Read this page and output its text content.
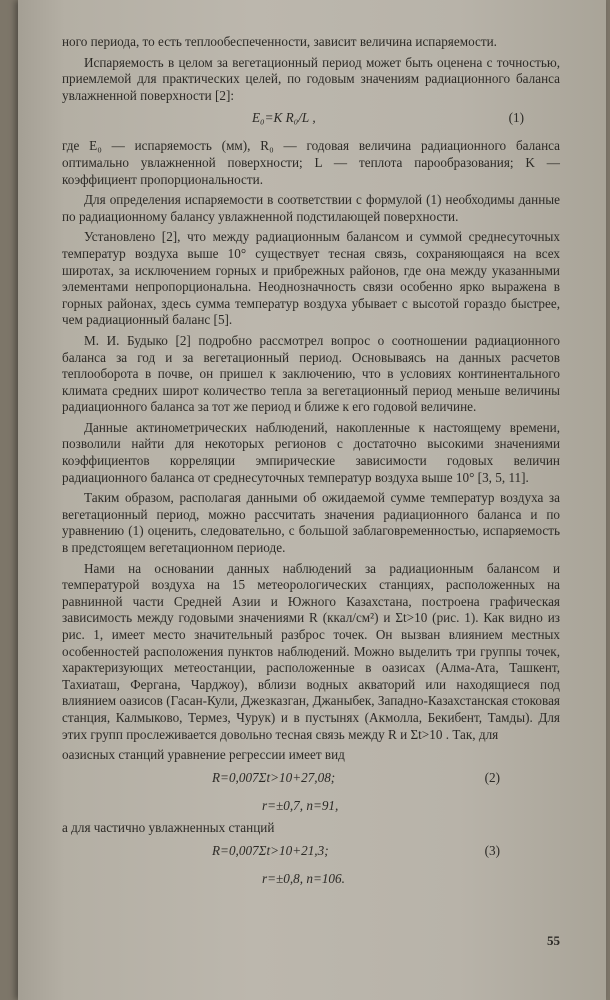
ного периода, то есть теплообеспеченности, зависит величина испаряемости.

Испаряемость в целом за вегетационный период может быть оценена с точностью, приемлемой для практических целей, по годовым значениям радиационного баланса увлажненной поверхности [2]:

E₀=K R₀/L ,	(1)

где E₀ — испаряемость (мм), R₀ — годовая величина радиационного баланса оптимально увлажненной поверхности; L — теплота парообразования; K — коэффициент пропорциональности.

Для определения испаряемости в соответствии с формулой (1) необходимы данные по радиационному балансу увлажненной подстилающей поверхности.

Установлено [2], что между радиационным балансом и суммой среднесуточных температур воздуха выше 10° существует тесная связь, сохраняющаяся на всех широтах, за исключением горных и прибрежных районов, где она между указанными элементами непропорциональна. Неоднозначность связи особенно ярко выражена в горных районах, здесь сумма температур воздуха убывает с высотой гораздо быстрее, чем радиационный баланс [5].

М. И. Будыко [2] подробно рассмотрел вопрос о соотношении радиационного баланса за год и за вегетационный период. Основываясь на данных расчетов теплооборота в почве, он пришел к заключению, что в условиях континентального климата средних широт количество тепла за вегетационный период меньше величины радиационного баланса за тот же период и ближе к его годовой величине.

Данные актинометрических наблюдений, накопленные к настоящему времени, позволили найти для некоторых регионов с достаточно высокими значениями коэффициентов корреляции эмпирические зависимости годовых величин радиационного баланса от среднесуточных температур воздуха выше 10° [3, 5, 11].

Таким образом, располагая данными об ожидаемой сумме температур воздуха за вегетационный период, можно рассчитать значения радиационного баланса и по уравнению (1) оценить, следовательно, с большой заблаговременностью, испаряемость в предстоящем вегетационном периоде.

Нами на основании данных наблюдений за радиационным балансом и температурой воздуха на 15 метеорологических станциях, расположенных на равнинной части Средней Азии и Южного Казахстана, построена графическая зависимость между годовыми значениями R (ккал/см²) и Σt>10 (рис. 1). Как видно из рис. 1, имеет место значительный разброс точек. Он вызван влиянием местных особенностей расположения пунктов наблюдений. Можно выделить три группы точек, характеризующих метеостанции, расположенные в оазисах (Алма-Ата, Ташкент, Тахиаташ, Фергана, Чарджоу), вблизи водных акваторий или находящиеся под влиянием оазисов (Гасан-Кули, Джезказган, Джаныбек, Западно-Казахстанская стоковая станция, Калмыково, Термез, Чурук) и в пустынях (Акмолла, Бекибент, Тамды). Для этих групп прослеживается довольно тесная связь между R и Σt>10 . Так, для

оазисных станций уравнение регрессии имеет вид

R=0,007Σt>10+27,08;	(2)
r=±0,7, n=91,

а для частично увлажненных станций

R=0,007Σt>10+21,3;	(3)
r=±0,8, n=106.
55
